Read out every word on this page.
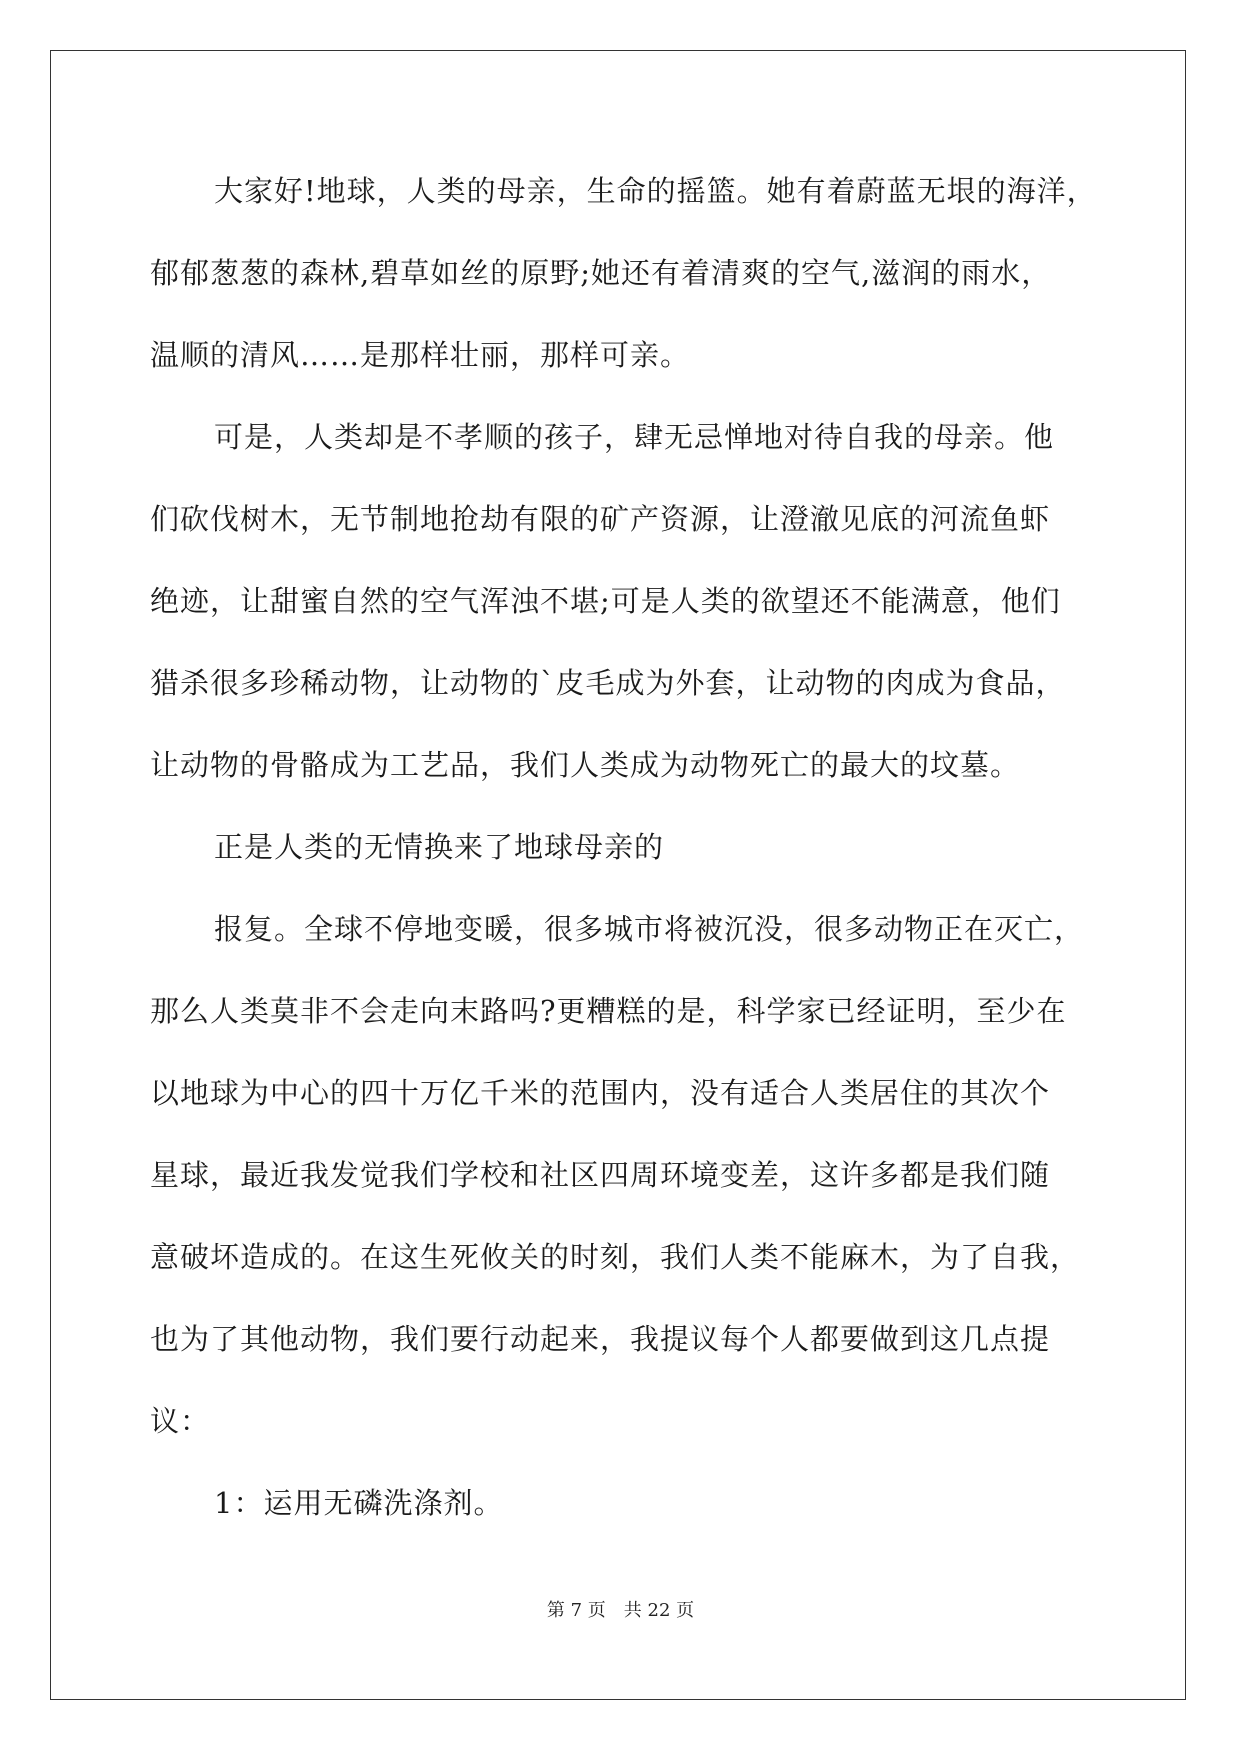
大家好!地球，人类的母亲，生命的摇篮。她有着蔚蓝无垠的海洋，
郁郁葱葱的森林,碧草如丝的原野;她还有着清爽的空气,滋润的雨水，
温顺的清风……是那样壮丽，那样可亲。

可是，人类却是不孝顺的孩子，肆无忌惮地对待自我的母亲。他
们砍伐树木，无节制地抢劫有限的矿产资源，让澄澈见底的河流鱼虾
绝迹，让甜蜜自然的空气浑浊不堪;可是人类的欲望还不能满意，他们
猎杀很多珍稀动物，让动物的`皮毛成为外套，让动物的肉成为食品，
让动物的骨骼成为工艺品，我们人类成为动物死亡的最大的坟墓。

正是人类的无情换来了地球母亲的

报复。全球不停地变暖，很多城市将被沉没，很多动物正在灭亡，
那么人类莫非不会走向末路吗?更糟糕的是，科学家已经证明，至少在
以地球为中心的四十万亿千米的范围内，没有适合人类居住的其次个
星球，最近我发觉我们学校和社区四周环境变差，这许多都是我们随
意破坏造成的。在这生死攸关的时刻，我们人类不能麻木，为了自我，
也为了其他动物，我们要行动起来，我提议每个人都要做到这几点提
议：

1：运用无磷洗涤剂。

第 7 页 共 22 页
